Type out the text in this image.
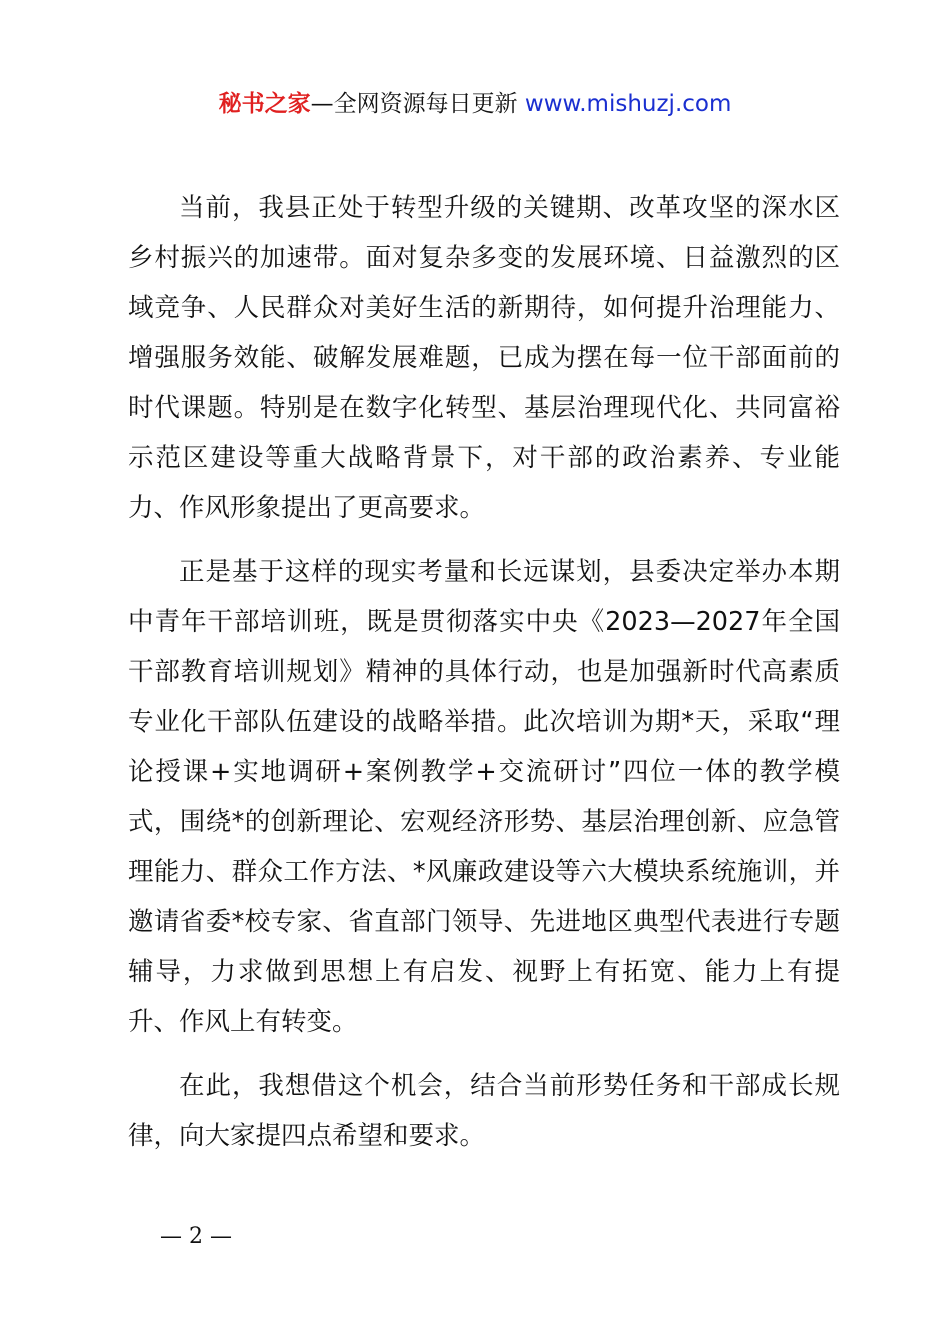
秘书之家—全网资源每日更新 www.mishuzj.com

当前，我县正处于转型升级的关键期、改革攻坚的深水区乡村振兴的加速带。面对复杂多变的发展环境、日益激烈的区域竞争、人民群众对美好生活的新期待，如何提升治理能力、增强服务效能、破解发展难题，已成为摆在每一位干部面前的时代课题。特别是在数字化转型、基层治理现代化、共同富裕示范区建设等重大战略背景下，对干部的政治素养、专业能力、作风形象提出了更高要求。

正是基于这样的现实考量和长远谋划，县委决定举办本期中青年干部培训班，既是贯彻落实中央《2023—2027年全国干部教育培训规划》精神的具体行动，也是加强新时代高素质专业化干部队伍建设的战略举措。此次培训为期*天，采取“理论授课+实地调研+案例教学+交流研讨”四位一体的教学模式，围绕*的创新理论、宏观经济形势、基层治理创新、应急管理能力、群众工作方法、*风廉政建设等六大模块系统施训，并邀请省委*校专家、省直部门领导、先进地区典型代表进行专题辅导，力求做到思想上有启发、视野上有拓宽、能力上有提升、作风上有转变。

在此，我想借这个机会，结合当前形势任务和干部成长规律，向大家提四点希望和要求。

— 2 —
